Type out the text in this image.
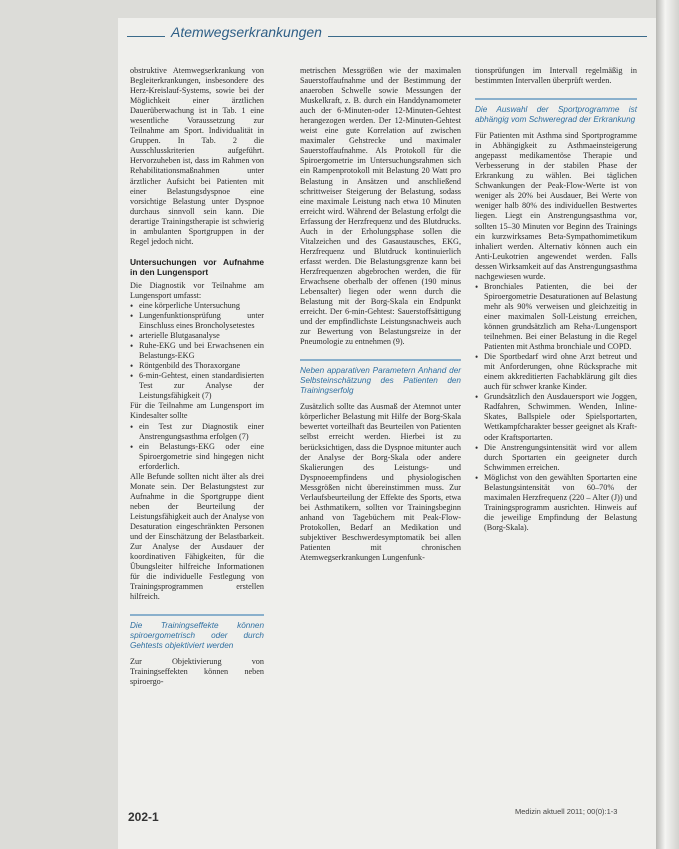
Atemwegserkrankungen

obstruktive Atemwegserkrankung von Begleiterkrankungen, insbesondere des Herz-Kreislauf-Systems, sowie bei der Möglichkeit einer ärztlichen Dauerüberwachung ist in Tab. 1 eine wesentliche Voraussetzung zur Teilnahme am Sport. Individualität in Gruppen. In Tab. 2 die Ausschlusskriterien aufgeführt. Hervorzuheben ist, dass im Rahmen von Rehabilitationsmaßnahmen unter ärztlicher Aufsicht bei Patienten mit einer Belastungsdyspnoe eine vorsichtige Belastung unter Dyspnoe durchaus sinnvoll sein kann. Die derartige Trainingstherapie ist schwierig in ambulanten Sportgruppen in der Regel jedoch nicht.

Untersuchungen vor Aufnahme in den Lungensport

Die Diagnostik vor Teilnahme am Lungensport umfasst:

• eine körperliche Untersuchung
• Lungenfunktionsprüfung unter Einschluss eines Broncholysetestes
• arterielle Blutgasanalyse
• Ruhe-EKG und bei Erwachsenen ein Belastungs-EKG
• Röntgenbild des Thoraxorgane
• 6-min-Gehtest, einen standardisierten Test zur Analyse der Leistungsfähigkeit (7)

Für die Teilnahme am Lungensport im Kindesalter sollte

• ein Test zur Diagnostik einer Anstrengungsasthma erfolgen (7)
• ein Belastungs-EKG oder eine Spiroergometrie sind hingegen nicht erforderlich.

Alle Befunde sollten nicht älter als drei Monate sein. Der Belastungstest zur Aufnahme in die Sportgruppe dient neben der Beurteilung der Leistungsfähigkeit auch der Analyse von Desaturation eingeschränkten Personen und der Einschätzung der Belastbarkeit. Zur Analyse der Ausdauer der koordinativen Fähigkeiten, für die Übungsleiter hilfreiche Informationen für die individuelle Festlegung von Trainingsprogrammen erstellen hilfreich.

Die Trainingseffekte können spiroergometrisch oder durch Gehtests objektiviert werden

Zur Objektivierung von Trainingseffekten können neben spiroergo-

metrischen Messgrößen wie der maximalen Sauerstoffaufnahme und der Bestimmung der anaeroben Schwelle sowie Messungen der Muskelkraft, z. B. durch ein Handdynamometer auch der 6-Minuten-oder 12-Minuten-Gehtest herangezogen werden. Der 12-Minuten-Gehtest weist eine gute Korrelation auf zwischen maximaler Gehstrecke und maximaler Sauerstoffaufnahme. Als Protokoll für die Spiroergometrie im Untersuchungsrahmen sich ein Rampenprotokoll mit Belastung 20 Watt pro Belastung in Ansätzen und anschließend schrittweiser Steigerung der Belastung, sodass eine maximale Leistung nach etwa 10 Minuten erreicht wird. Während der Belastung erfolgt die Erfassung der Herzfrequenz und des Blutdrucks. Auch in der Erholungsphase sollen die Vitalzeichen und des Gasaustausches, EKG, Herzfrequenz und Blutdruck kontinuierlich erfasst werden. Die Belastungsgrenze kann bei Herzfrequenzen abgebrochen werden, die für Erwachsene oberhalb der offenen (190 minus Lebensalter) liegen oder wenn durch die Belastung mit der Borg-Skala ein Endpunkt erreicht. Der 6-min-Gehtest: Sauerstoffsättigung und der empfindlichste Leistungsnachweis auch zur Bewertung von Belastungsreize in der Pneumologie zu entnehmen (9).

Neben apparativen Parametern Anhand der Selbsteinschätzung des Patienten den Trainingserfolg

Zusätzlich sollte das Ausmaß der Atemnot unter körperlicher Belastung mit Hilfe der Borg-Skala bewertet vorteilhaft das Beurteilen von Patienten selbst erreicht werden. Hierbei ist zu berücksichtigen, dass die Dyspnoe mitunter auch der Analyse der Borg-Skala oder andere Skalierungen des Leistungs- und Dyspnoeempfindens und physiologischen Messgrößen nicht übereinstimmen muss. Zur Verlaufsbeurteilung der Effekte des Sports, etwa bei Asthmatikern, sollten vor Trainingsbeginn anhand von Tagebüchern mit Peak-Flow-Protokollen, Bedarf an Medikation und subjektiver Beschwerdesymptomatik bei allen Patienten mit chronischen Atemwegserkrankungen Lungenfunk-

tionsprüfungen im Intervall regelmäßig in bestimmten Intervallen überprüft werden.

Die Auswahl der Sportprogramme ist abhängig vom Schweregrad der Erkrankung

Für Patienten mit Asthma sind Sportprogramme in Abhängigkeit zu Asthmaeinsteigerung angepasst medikamentöse Therapie und Verbesserung in der stabilen Phase der Erkrankung zu wählen. Bei täglichen Schwankungen der Peak-Flow-Werte ist von weniger als 20% bei Ausdauer, Bei Werte von weniger halb 80% des individuellen Bestwertes liegen. Liegt ein Anstrengungsasthma vor, sollten 15–30 Minuten vor Beginn des Trainings ein kurzwirksames Beta-Sympathomimetikum inhaliert werden. Alternativ können auch ein Anti-Leukotrien angewendet werden. Falls dessen Wirksamkeit auf das Anstrengungsasthma nachgewiesen wurde.

• Bronchiales Patienten, die bei der Spiroergometrie Desaturationen auf Belastung mehr als 90% verweisen und gleichzeitig in einer maximalen Soll-Leistung erreichen, können grundsätzlich am Reha-/Lungensport teilnehmen. Bei einer Belastung in die Regel Patienten mit Asthma bronchiale und COPD.
• Die Sportbedarf wird ohne Arzt betreut und mit Anforderungen, ohne Rücksprache mit einem akkreditierten Fachabklärung gilt dies auch für schwer kranke Kinder.
• Grundsätzlich den Ausdauersport wie Joggen, Radfahren, Schwimmen. Wenden, Inline-Skates, Ballspiele oder Spielsportarten, Wettkampfcharakter besser geeignet als Kraft- oder Kraftsportarten.
• Die Anstrengungsintensität wird vor allem durch Sportarten ein geeigneter durch Schwimmen erreichen.
• Möglichst von den gewählten Sportarten eine Belastungsintensität von 60–70% der maximalen Herzfrequenz (220 – Alter (J)) und Trainingsprogramm ausrichten. Hinweis auf die jeweilige Empfindung der Belastung (Borg-Skala).
202-1	Medizin aktuell 2011; 00(0):1-3
